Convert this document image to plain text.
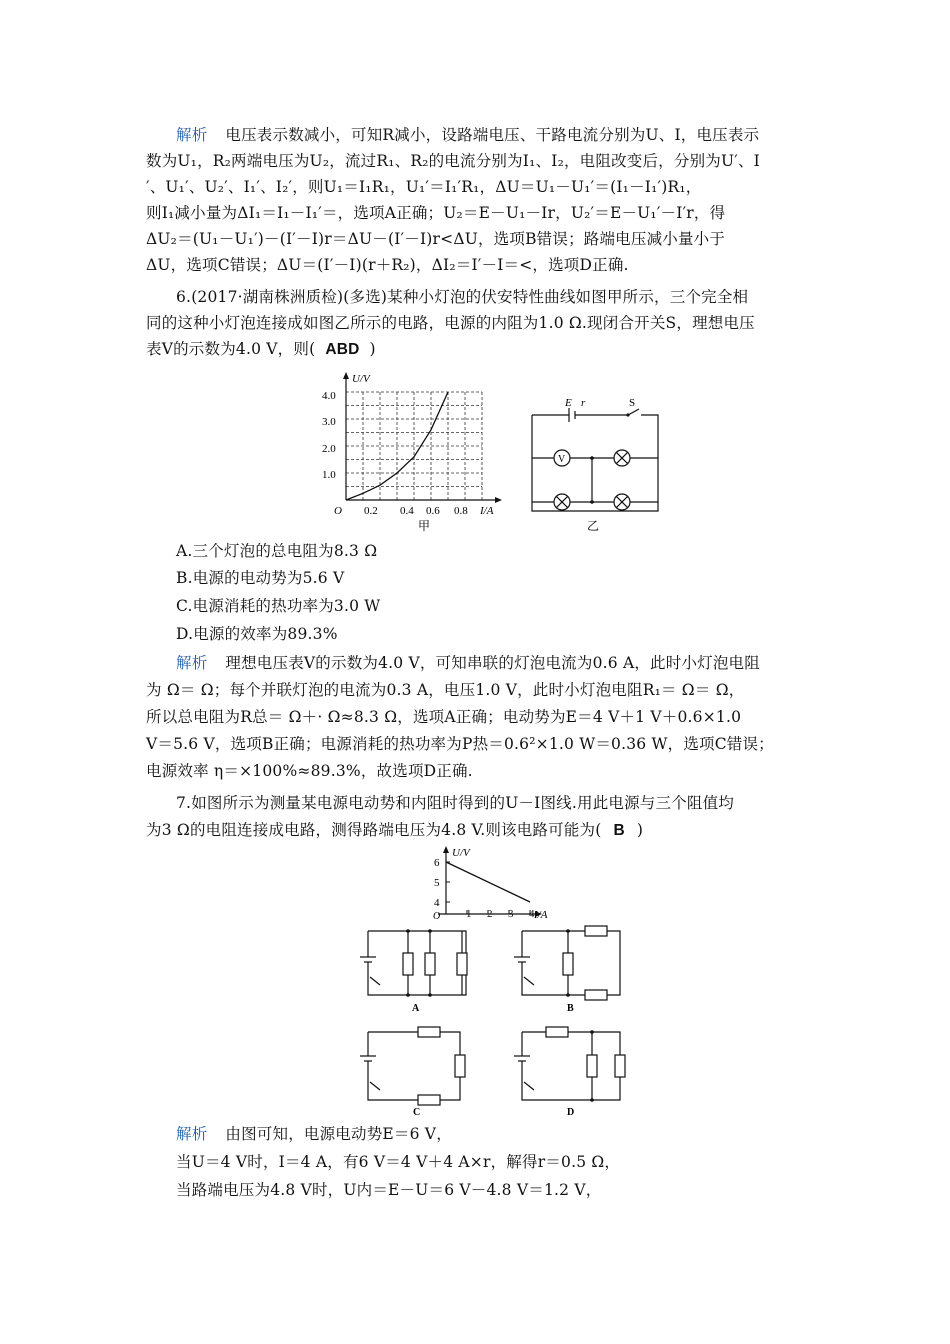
解析 电压表示数减小，可知R减小，设路端电压、干路电流分别为U、I，电压表示
数为U₁，R₂两端电压为U₂，流过R₁、R₂的电流分别为I₁、I₂，电阻改变后，分别为U′、I
′、U₁′、U₂′、I₁′、I₂′，则U₁＝I₁R₁，U₁′＝I₁′R₁，ΔU＝U₁－U₁′＝(I₁－I₁′)R₁，
则I₁减小量为ΔI₁＝I₁－I₁′＝，选项A正确；U₂＝E－U₁－Ir，U₂′＝E－U₁′－I′r，得
ΔU₂＝(U₁－U₁′)－(I′－I)r＝ΔU－(I′－I)r<ΔU，选项B错误；路端电压减小量小于
ΔU，选项C错误；ΔU＝(I′－I)(r＋R₂)，ΔI₂＝I′－I＝<，选项D正确.
6.(2017·湖南株洲质检)(多选)某种小灯泡的伏安特性曲线如图甲所示，三个完全相
同的这种小灯泡连接成如图乙所示的电路，电源的内阻为1.0 Ω.现闭合开关S，理想电压
表V的示数为4.0 V，则( ABD )
U/V
I/A
O
1.0
2.0
3.0
4.0
0.2 0.4 0.6 0.8
甲
V
E r	S
乙
A.三个灯泡的总电阻为8.3 Ω
B.电源的电动势为5.6 V
C.电源消耗的热功率为3.0 W
D.电源的效率为89.3%
解析 理想电压表V的示数为4.0 V，可知串联的灯泡电流为0.6 A，此时小灯泡电阻
为 Ω＝ Ω；每个并联灯泡的电流为0.3 A，电压1.0 V，此时小灯泡电阻R₁＝ Ω＝ Ω，
所以总电阻为R总＝ Ω＋· Ω≈8.3 Ω，选项A正确；电动势为E＝4 V＋1 V＋0.6×1.0
V＝5.6 V，选项B正确；电源消耗的热功率为P热＝0.6²×1.0 W＝0.36 W，选项C错误；
电源效率 η＝×100%≈89.3%，故选项D正确.
7.如图所示为测量某电源电动势和内阻时得到的U－I图线.用此电源与三个阻值均
为3 Ω的电阻连接成电路，测得路端电压为4.8 V.则该电路可能为( B )
U/V
I/A
O
4
5
6
1 2 3 4
A	B
C	D
解析 由图可知，电源电动势E＝6 V，
当U＝4 V时，I＝4 A，有6 V＝4 V＋4 A×r，解得r＝0.5 Ω，
当路端电压为4.8 V时，U内＝E－U＝6 V－4.8 V＝1.2 V，
